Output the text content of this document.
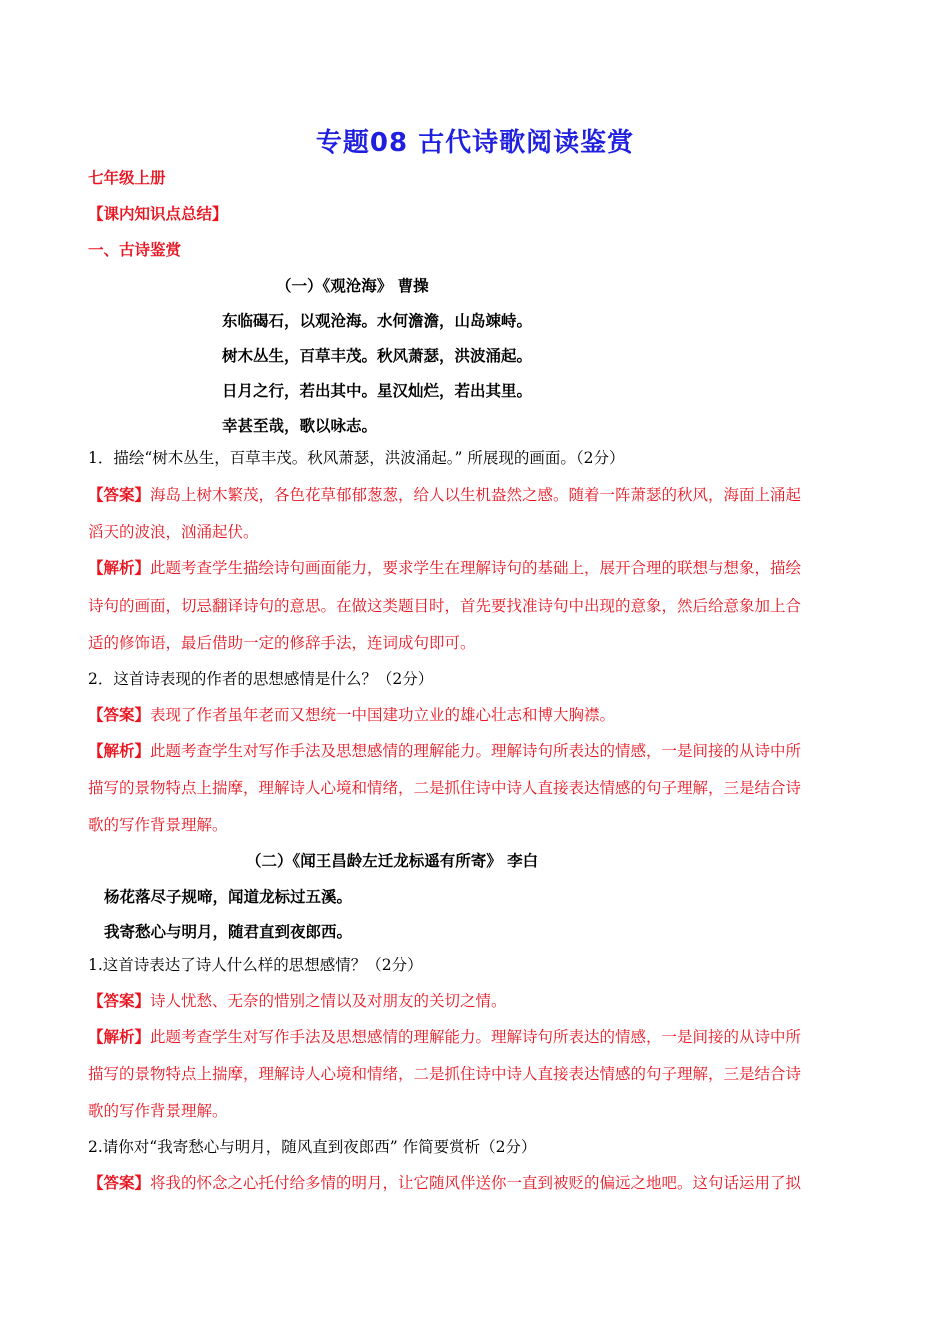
专题08 古代诗歌阅读鉴赏
七年级上册
【课内知识点总结】
一、古诗鉴赏
（一）《观沧海》 曹操
东临碣石，以观沧海。水何澹澹，山岛竦峙。
树木丛生，百草丰茂。秋风萧瑟，洪波涌起。
日月之行，若出其中。星汉灿烂，若出其里。
幸甚至哉，歌以咏志。
1．描绘“树木丛生，百草丰茂。秋风萧瑟，洪波涌起。” 所展现的画面。（2分）
【答案】海岛上树木繁茂，各色花草郁郁葱葱，给人以生机盎然之感。随着一阵萧瑟的秋风，海面上涌起
滔天的波浪，汹涌起伏。
【解析】此题考查学生描绘诗句画面能力，要求学生在理解诗句的基础上，展开合理的联想与想象，描绘
诗句的画面，切忌翻译诗句的意思。在做这类题目时，首先要找准诗句中出现的意象，然后给意象加上合
适的修饰语，最后借助一定的修辞手法，连词成句即可。
2．这首诗表现的作者的思想感情是什么？（2分）
【答案】表现了作者虽年老而又想统一中国建功立业的雄心壮志和博大胸襟。
【解析】此题考查学生对写作手法及思想感情的理解能力。理解诗句所表达的情感，一是间接的从诗中所
描写的景物特点上揣摩，理解诗人心境和情绪，二是抓住诗中诗人直接表达情感的句子理解，三是结合诗
歌的写作背景理解。
（二）《闻王昌龄左迁龙标遥有所寄》 李白
杨花落尽子规啼，闻道龙标过五溪。
我寄愁心与明月，随君直到夜郎西。
1.这首诗表达了诗人什么样的思想感情？（2分）
【答案】诗人忧愁、无奈的惜别之情以及对朋友的关切之情。
【解析】此题考查学生对写作手法及思想感情的理解能力。理解诗句所表达的情感，一是间接的从诗中所
描写的景物特点上揣摩，理解诗人心境和情绪，二是抓住诗中诗人直接表达情感的句子理解，三是结合诗
歌的写作背景理解。
2.请你对“我寄愁心与明月，随风直到夜郎西” 作简要赏析（2分）
【答案】将我的怀念之心托付给多情的明月，让它随风伴送你一直到被贬的偏远之地吧。这句话运用了拟
